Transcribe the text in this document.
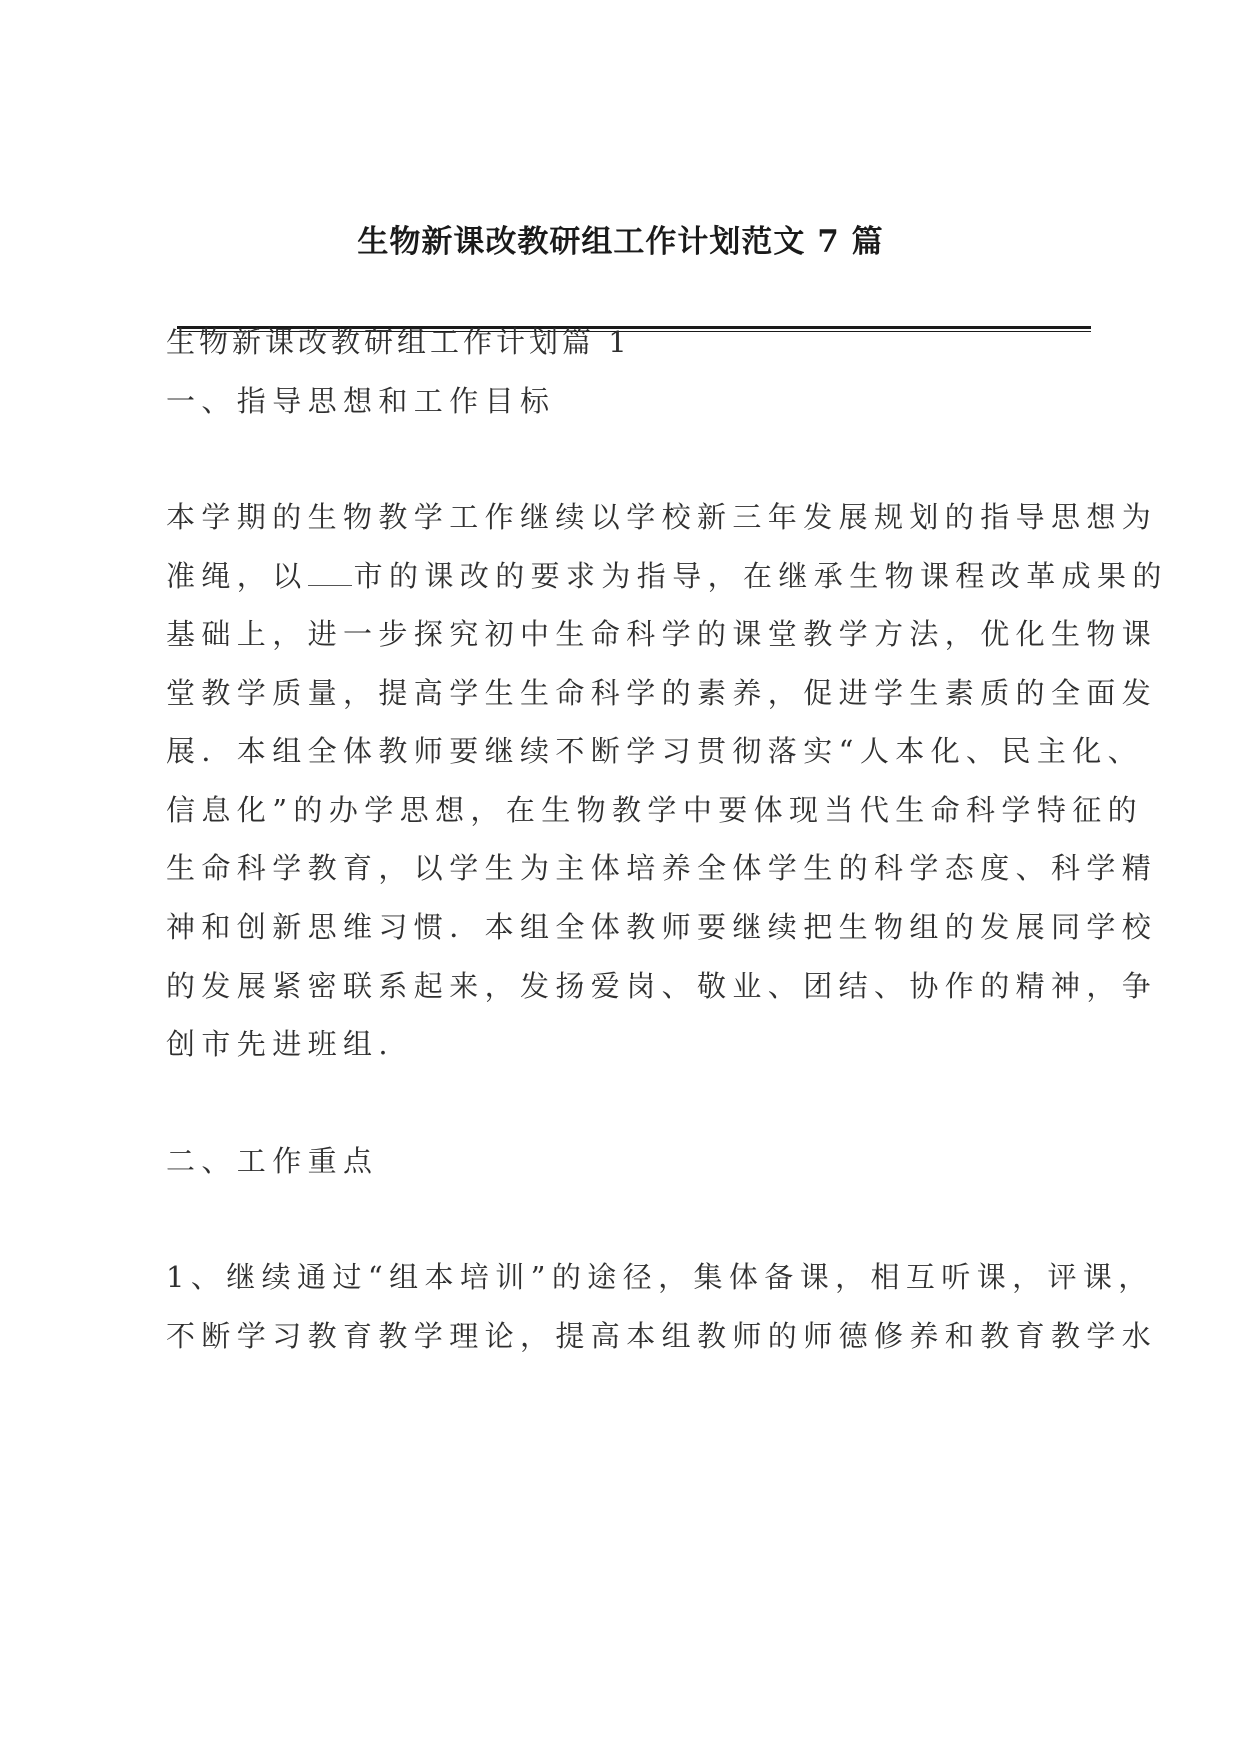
生物新课改教研组工作计划范文 7 篇
生物新课改教研组工作计划篇 1
一、指导思想和工作目标
本学期的生物教学工作继续以学校新三年发展规划的指导思想为
准绳，以 市的课改的要求为指导，在继承生物课程改革成果的
基础上，进一步探究初中生命科学的课堂教学方法，优化生物课
堂教学质量，提高学生生命科学的素养，促进学生素质的全面发
展．本组全体教师要继续不断学习贯彻落实“人本化、民主化、
信息化”的办学思想，在生物教学中要体现当代生命科学特征的
生命科学教育，以学生为主体培养全体学生的科学态度、科学精
神和创新思维习惯．本组全体教师要继续把生物组的发展同学校
的发展紧密联系起来，发扬爱岗、敬业、团结、协作的精神，争
创市先进班组.
二、工作重点
1、继续通过“组本培训”的途径，集体备课，相互听课，评课，
不断学习教育教学理论，提高本组教师的师德修养和教育教学水
